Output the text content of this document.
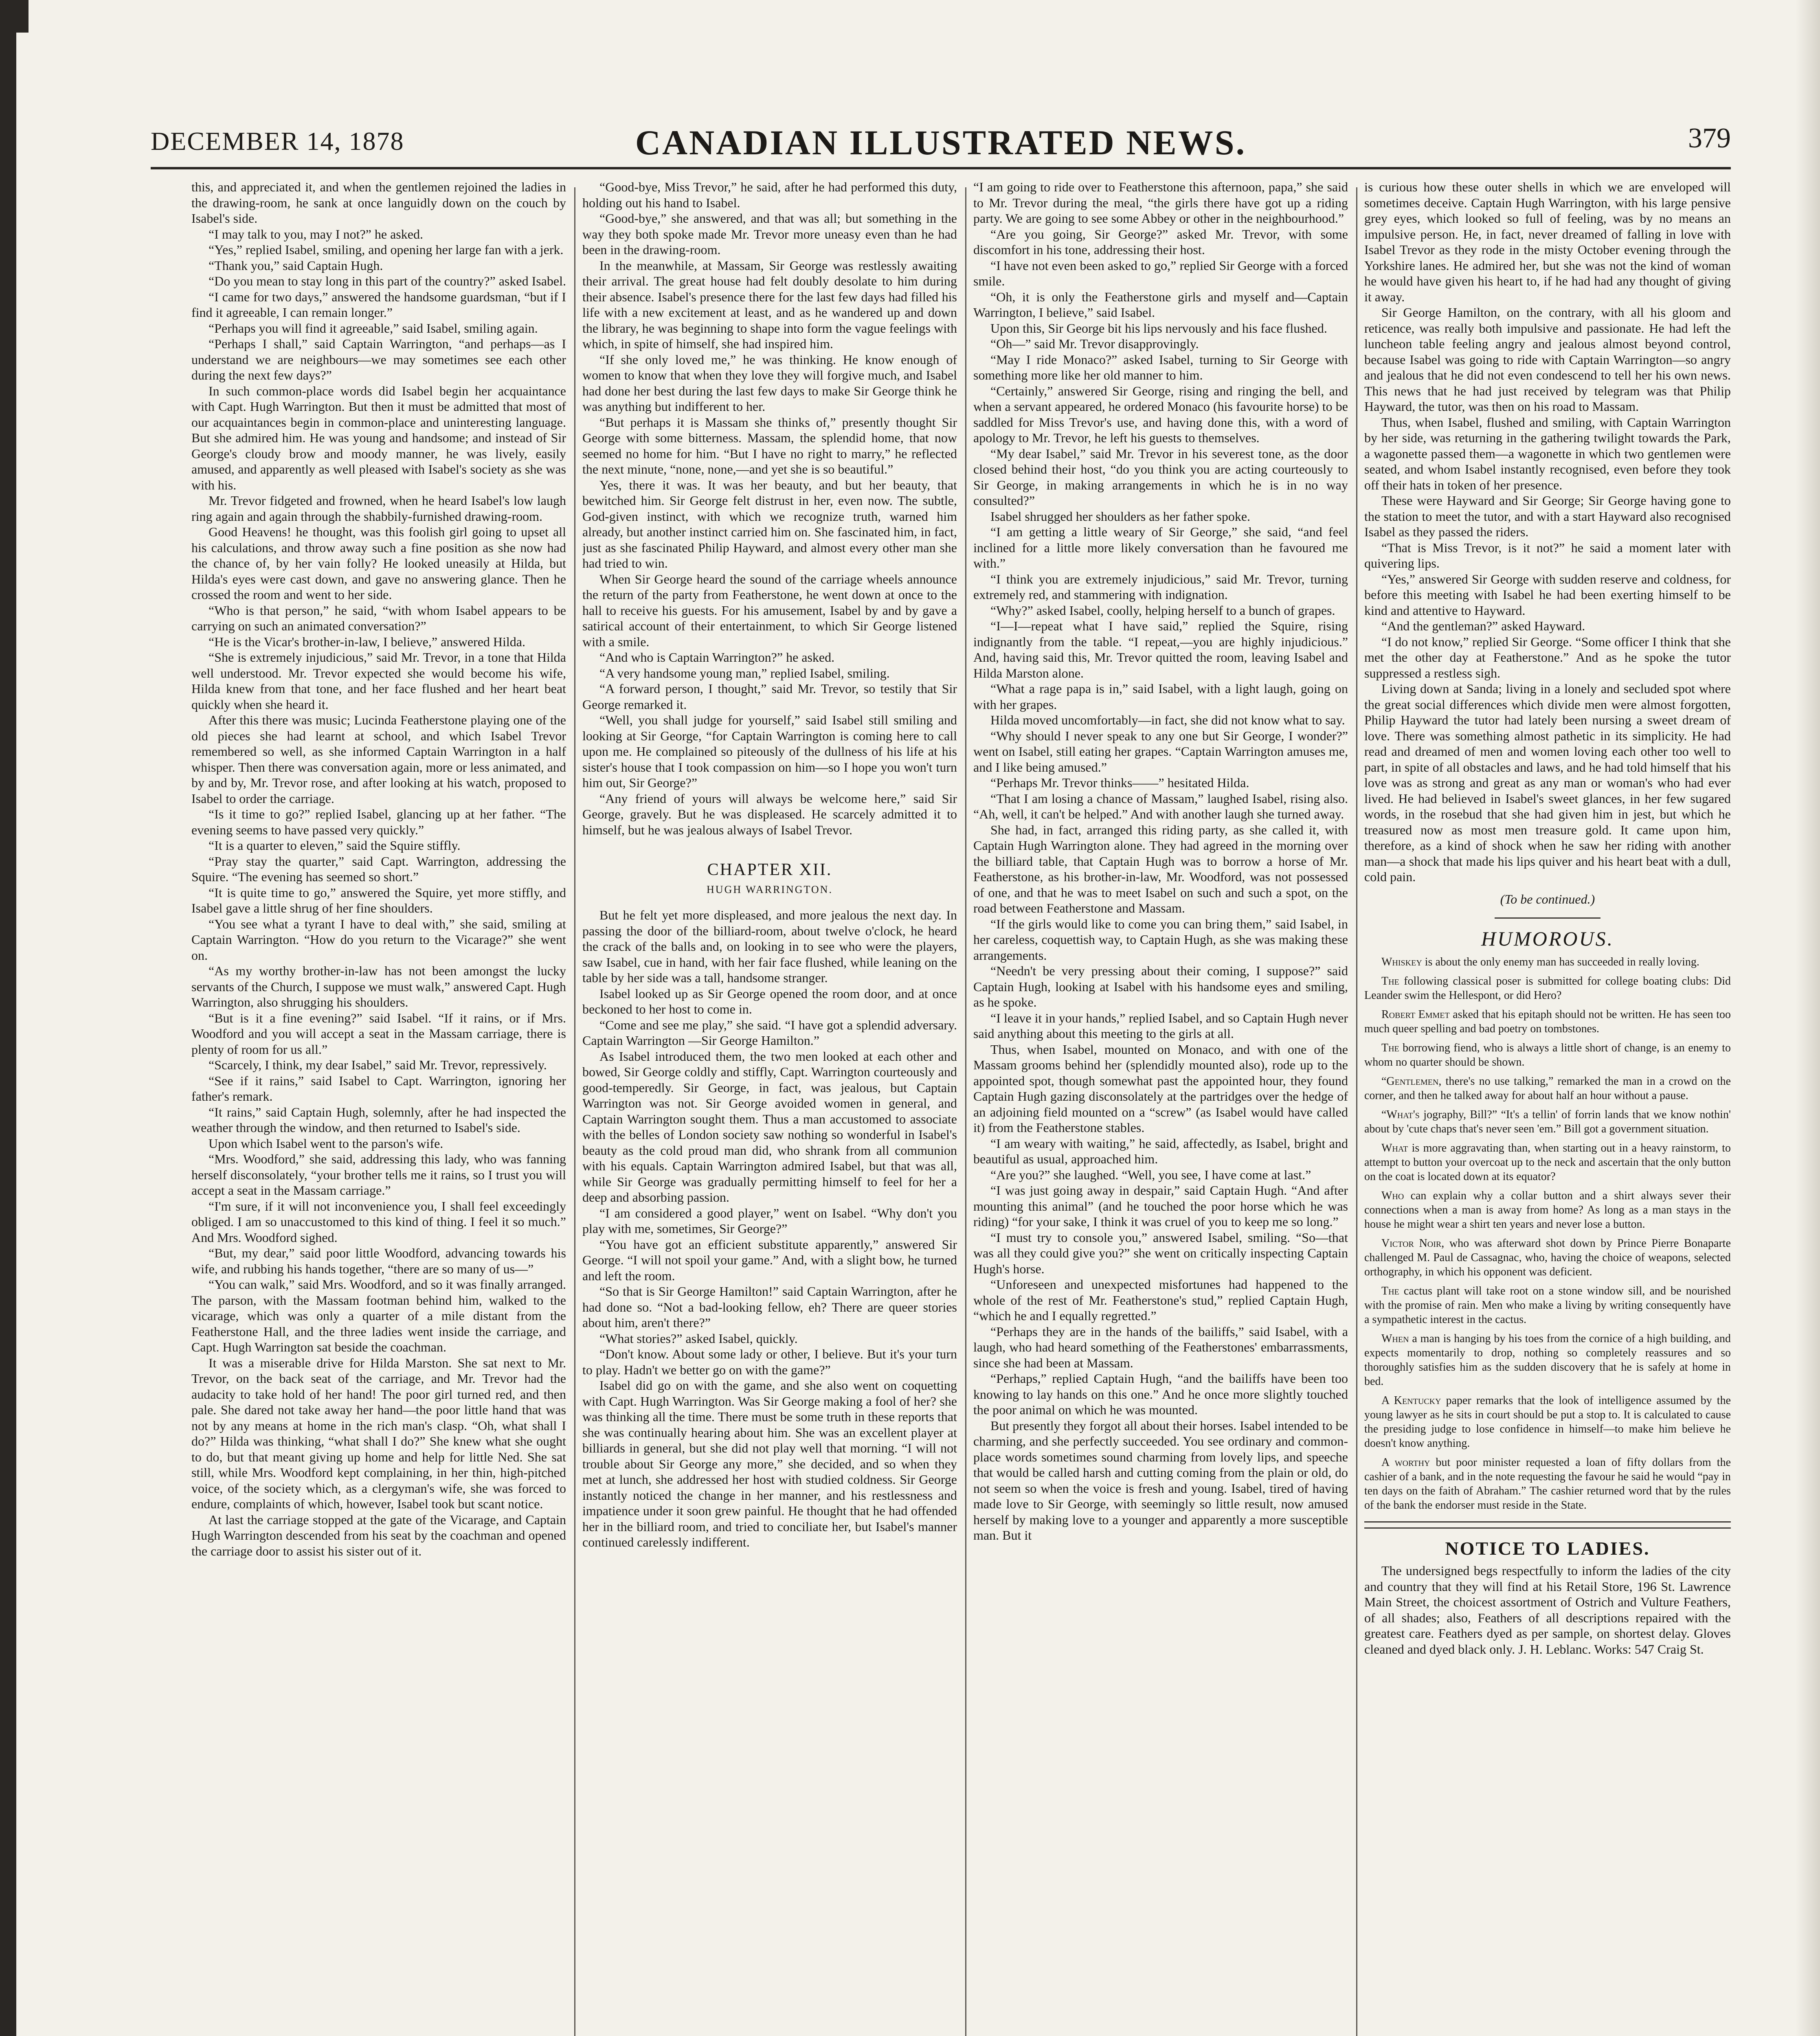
DECEMBER 14, 1878	CANADIAN ILLUSTRATED NEWS.	379

this, and appreciated it, and when the gentlemen rejoined the ladies in the drawing-room, he sank at once languidly down on the couch by Isabel's side.

“I may talk to you, may I not?” he asked.

“Yes,” replied Isabel, smiling, and opening her large fan with a jerk.

“Thank you,” said Captain Hugh.

“Do you mean to stay long in this part of the country?” asked Isabel.

“I came for two days,” answered the handsome guardsman, “but if I find it agreeable, I can remain longer.”

“Perhaps you will find it agreeable,” said Isabel, smiling again.

“Perhaps I shall,” said Captain Warrington, “and perhaps—as I understand we are neighbours—we may sometimes see each other during the next few days?”

In such common-place words did Isabel begin her acquaintance with Capt. Hugh Warrington. But then it must be admitted that most of our acquaintances begin in common-place and uninteresting language. But she admired him. He was young and handsome; and instead of Sir George's cloudy brow and moody manner, he was lively, easily amused, and apparently as well pleased with Isabel's society as she was with his.

Mr. Trevor fidgeted and frowned, when he heard Isabel's low laugh ring again and again through the shabbily-furnished drawing-room.

Good Heavens! he thought, was this foolish girl going to upset all his calculations, and throw away such a fine position as she now had the chance of, by her vain folly? He looked uneasily at Hilda, but Hilda's eyes were cast down, and gave no answering glance. Then he crossed the room and went to her side.

“Who is that person,” he said, “with whom Isabel appears to be carrying on such an animated conversation?”

“He is the Vicar's brother-in-law, I believe,” answered Hilda.

“She is extremely injudicious,” said Mr. Trevor, in a tone that Hilda well understood. Mr. Trevor expected she would become his wife, Hilda knew from that tone, and her face flushed and her heart beat quickly when she heard it.

After this there was music; Lucinda Featherstone playing one of the old pieces she had learnt at school, and which Isabel Trevor remembered so well, as she informed Captain Warrington in a half whisper. Then there was conversation again, more or less animated, and by and by, Mr. Trevor rose, and after looking at his watch, proposed to Isabel to order the carriage.

“Is it time to go?” replied Isabel, glancing up at her father. “The evening seems to have passed very quickly.”

“It is a quarter to eleven,” said the Squire stiffly.

“Pray stay the quarter,” said Capt. Warrington, addressing the Squire. “The evening has seemed so short.”

“It is quite time to go,” answered the Squire, yet more stiffly, and Isabel gave a little shrug of her fine shoulders.

“You see what a tyrant I have to deal with,” she said, smiling at Captain Warrington. “How do you return to the Vicarage?” she went on.

“As my worthy brother-in-law has not been amongst the lucky servants of the Church, I suppose we must walk,” answered Capt. Hugh Warrington, also shrugging his shoulders.

“But is it a fine evening?” said Isabel. “If it rains, or if Mrs. Woodford and you will accept a seat in the Massam carriage, there is plenty of room for us all.”

“Scarcely, I think, my dear Isabel,” said Mr. Trevor, repressively.

“See if it rains,” said Isabel to Capt. Warrington, ignoring her father's remark.

“It rains,” said Captain Hugh, solemnly, after he had inspected the weather through the window, and then returned to Isabel's side.

Upon which Isabel went to the parson's wife.

“Mrs. Woodford,” she said, addressing this lady, who was fanning herself disconsolately, “your brother tells me it rains, so I trust you will accept a seat in the Massam carriage.”

“I'm sure, if it will not inconvenience you, I shall feel exceedingly obliged. I am so unaccustomed to this kind of thing. I feel it so much.” And Mrs. Woodford sighed.

“But, my dear,” said poor little Woodford, advancing towards his wife, and rubbing his hands together, “there are so many of us—”

“You can walk,” said Mrs. Woodford, and so it was finally arranged. The parson, with the Massam footman behind him, walked to the vicarage, which was only a quarter of a mile distant from the Featherstone Hall, and the three ladies went inside the carriage, and Capt. Hugh Warrington sat beside the coachman.

It was a miserable drive for Hilda Marston. She sat next to Mr. Trevor, on the back seat of the carriage, and Mr. Trevor had the audacity to take hold of her hand! The poor girl turned red, and then pale. She dared not take away her hand—the poor little hand that was not by any means at home in the rich man's clasp. “Oh, what shall I do?” Hilda was thinking, “what shall I do?” She knew what she ought to do, but that meant giving up home and help for little Ned. She sat still, while Mrs. Woodford kept complaining, in her thin, high-pitched voice, of the society which, as a clergyman's wife, she was forced to endure, complaints of which, however, Isabel took but scant notice.

At last the carriage stopped at the gate of the Vicarage, and Captain Hugh Warrington descended from his seat by the coachman and opened the carriage door to assist his sister out of it.

“Good-bye, Miss Trevor,” he said, after he had performed this duty, holding out his hand to Isabel.

“Good-bye,” she answered, and that was all; but something in the way they both spoke made Mr. Trevor more uneasy even than he had been in the drawing-room.

In the meanwhile, at Massam, Sir George was restlessly awaiting their arrival. The great house had felt doubly desolate to him during their absence. Isabel's presence there for the last few days had filled his life with a new excitement at least, and as he wandered up and down the library, he was beginning to shape into form the vague feelings with which, in spite of himself, she had inspired him.

“If she only loved me,” he was thinking. He know enough of women to know that when they love they will forgive much, and Isabel had done her best during the last few days to make Sir George think he was anything but indifferent to her.

“But perhaps it is Massam she thinks of,” presently thought Sir George with some bitterness. Massam, the splendid home, that now seemed no home for him. “But I have no right to marry,” he reflected the next minute, “none, none,—and yet she is so beautiful.”

Yes, there it was. It was her beauty, and but her beauty, that bewitched him. Sir George felt distrust in her, even now. The subtle, God-given instinct, with which we recognize truth, warned him already, but another instinct carried him on. She fascinated him, in fact, just as she fascinated Philip Hayward, and almost every other man she had tried to win.

When Sir George heard the sound of the carriage wheels announce the return of the party from Featherstone, he went down at once to the hall to receive his guests. For his amusement, Isabel by and by gave a satirical account of their entertainment, to which Sir George listened with a smile.

“And who is Captain Warrington?” he asked.

“A very handsome young man,” replied Isabel, smiling.

“A forward person, I thought,” said Mr. Trevor, so testily that Sir George remarked it.

“Well, you shall judge for yourself,” said Isabel still smiling and looking at Sir George, “for Captain Warrington is coming here to call upon me. He complained so piteously of the dullness of his life at his sister's house that I took compassion on him—so I hope you won't turn him out, Sir George?”

“Any friend of yours will always be welcome here,” said Sir George, gravely. But he was displeased. He scarcely admitted it to himself, but he was jealous always of Isabel Trevor.

CHAPTER XII.
HUGH WARRINGTON.

But he felt yet more displeased, and more jealous the next day. In passing the door of the billiard-room, about twelve o'clock, he heard the crack of the balls and, on looking in to see who were the players, saw Isabel, cue in hand, with her fair face flushed, while leaning on the table by her side was a tall, handsome stranger.

Isabel looked up as Sir George opened the room door, and at once beckoned to her host to come in.

“Come and see me play,” she said. “I have got a splendid adversary. Captain Warrington —Sir George Hamilton.”

As Isabel introduced them, the two men looked at each other and bowed, Sir George coldly and stiffly, Capt. Warrington courteously and good-temperedly. Sir George, in fact, was jealous, but Captain Warrington was not. Sir George avoided women in general, and Captain Warrington sought them. Thus a man accustomed to associate with the belles of London society saw nothing so wonderful in Isabel's beauty as the cold proud man did, who shrank from all communion with his equals. Captain Warrington admired Isabel, but that was all, while Sir George was gradually permitting himself to feel for her a deep and absorbing passion.

“I am considered a good player,” went on Isabel. “Why don't you play with me, sometimes, Sir George?”

“You have got an efficient substitute apparently,” answered Sir George. “I will not spoil your game.” And, with a slight bow, he turned and left the room.

“So that is Sir George Hamilton!” said Captain Warrington, after he had done so. “Not a bad-looking fellow, eh? There are queer stories about him, aren't there?”

“What stories?” asked Isabel, quickly.

“Don't know. About some lady or other, I believe. But it's your turn to play. Hadn't we better go on with the game?”

Isabel did go on with the game, and she also went on coquetting with Capt. Hugh Warrington. Was Sir George making a fool of her? she was thinking all the time. There must be some truth in these reports that she was continually hearing about him. She was an excellent player at billiards in general, but she did not play well that morning. “I will not trouble about Sir George any more,” she decided, and so when they met at lunch, she addressed her host with studied coldness. Sir George instantly noticed the change in her manner, and his restlessness and impatience under it soon grew painful. He thought that he had offended her in the billiard room, and tried to conciliate her, but Isabel's manner continued carelessly indifferent.

“I am going to ride over to Featherstone this afternoon, papa,” she said to Mr. Trevor during the meal, “the girls there have got up a riding party. We are going to see some Abbey or other in the neighbourhood.”

“Are you going, Sir George?” asked Mr. Trevor, with some discomfort in his tone, addressing their host.

“I have not even been asked to go,” replied Sir George with a forced smile.

“Oh, it is only the Featherstone girls and myself and—Captain Warrington, I believe,” said Isabel.

Upon this, Sir George bit his lips nervously and his face flushed.

“Oh—” said Mr. Trevor disapprovingly.

“May I ride Monaco?” asked Isabel, turning to Sir George with something more like her old manner to him.

“Certainly,” answered Sir George, rising and ringing the bell, and when a servant appeared, he ordered Monaco (his favourite horse) to be saddled for Miss Trevor's use, and having done this, with a word of apology to Mr. Trevor, he left his guests to themselves.

“My dear Isabel,” said Mr. Trevor in his severest tone, as the door closed behind their host, “do you think you are acting courteously to Sir George, in making arrangements in which he is in no way consulted?”

Isabel shrugged her shoulders as her father spoke.

“I am getting a little weary of Sir George,” she said, “and feel inclined for a little more likely conversation than he favoured me with.”

“I think you are extremely injudicious,” said Mr. Trevor, turning extremely red, and stammering with indignation.

“Why?” asked Isabel, coolly, helping herself to a bunch of grapes.

“I—I—repeat what I have said,” replied the Squire, rising indignantly from the table. “I repeat,—you are highly injudicious.” And, having said this, Mr. Trevor quitted the room, leaving Isabel and Hilda Marston alone.

“What a rage papa is in,” said Isabel, with a light laugh, going on with her grapes.

Hilda moved uncomfortably—in fact, she did not know what to say.

“Why should I never speak to any one but Sir George, I wonder?” went on Isabel, still eating her grapes. “Captain Warrington amuses me, and I like being amused.”

“Perhaps Mr. Trevor thinks——” hesitated Hilda.

“That I am losing a chance of Massam,” laughed Isabel, rising also. “Ah, well, it can't be helped.” And with another laugh she turned away.

She had, in fact, arranged this riding party, as she called it, with Captain Hugh Warrington alone. They had agreed in the morning over the billiard table, that Captain Hugh was to borrow a horse of Mr. Featherstone, as his brother-in-law, Mr. Woodford, was not possessed of one, and that he was to meet Isabel on such and such a spot, on the road between Featherstone and Massam.

“If the girls would like to come you can bring them,” said Isabel, in her careless, coquettish way, to Captain Hugh, as she was making these arrangements.

“Needn't be very pressing about their coming, I suppose?” said Captain Hugh, looking at Isabel with his handsome eyes and smiling, as he spoke.

“I leave it in your hands,” replied Isabel, and so Captain Hugh never said anything about this meeting to the girls at all.

Thus, when Isabel, mounted on Monaco, and with one of the Massam grooms behind her (splendidly mounted also), rode up to the appointed spot, though somewhat past the appointed hour, they found Captain Hugh gazing disconsolately at the partridges over the hedge of an adjoining field mounted on a “screw” (as Isabel would have called it) from the Featherstone stables.

“I am weary with waiting,” he said, affectedly, as Isabel, bright and beautiful as usual, approached him.

“Are you?” she laughed. “Well, you see, I have come at last.”

“I was just going away in despair,” said Captain Hugh. “And after mounting this animal” (and he touched the poor horse which he was riding) “for your sake, I think it was cruel of you to keep me so long.”

“I must try to console you,” answered Isabel, smiling. “So—that was all they could give you?” she went on critically inspecting Captain Hugh's horse.

“Unforeseen and unexpected misfortunes had happened to the whole of the rest of Mr. Featherstone's stud,” replied Captain Hugh, “which he and I equally regretted.”

“Perhaps they are in the hands of the bailiffs,” said Isabel, with a laugh, who had heard something of the Featherstones' embarrassments, since she had been at Massam.

“Perhaps,” replied Captain Hugh, “and the bailiffs have been too knowing to lay hands on this one.” And he once more slightly touched the poor animal on which he was mounted.

But presently they forgot all about their horses. Isabel intended to be charming, and she perfectly succeeded. You see ordinary and common-place words sometimes sound charming from lovely lips, and speeche that would be called harsh and cutting coming from the plain or old, do not seem so when the voice is fresh and young. Isabel, tired of having made love to Sir George, with seemingly so little result, now amused herself by making love to a younger and apparently a more susceptible man. But it

is curious how these outer shells in which we are enveloped will sometimes deceive. Captain Hugh Warrington, with his large pensive grey eyes, which looked so full of feeling, was by no means an impulsive person. He, in fact, never dreamed of falling in love with Isabel Trevor as they rode in the misty October evening through the Yorkshire lanes. He admired her, but she was not the kind of woman he would have given his heart to, if he had had any thought of giving it away.

Sir George Hamilton, on the contrary, with all his gloom and reticence, was really both impulsive and passionate. He had left the luncheon table feeling angry and jealous almost beyond control, because Isabel was going to ride with Captain Warrington—so angry and jealous that he did not even condescend to tell her his own news. This news that he had just received by telegram was that Philip Hayward, the tutor, was then on his road to Massam.

Thus, when Isabel, flushed and smiling, with Captain Warrington by her side, was returning in the gathering twilight towards the Park, a wagonette passed them—a wagonette in which two gentlemen were seated, and whom Isabel instantly recognised, even before they took off their hats in token of her presence.

These were Hayward and Sir George; Sir George having gone to the station to meet the tutor, and with a start Hayward also recognised Isabel as they passed the riders.

“That is Miss Trevor, is it not?” he said a moment later with quivering lips.

“Yes,” answered Sir George with sudden reserve and coldness, for before this meeting with Isabel he had been exerting himself to be kind and attentive to Hayward.

“And the gentleman?” asked Hayward.

“I do not know,” replied Sir George. “Some officer I think that she met the other day at Featherstone.” And as he spoke the tutor suppressed a restless sigh.

Living down at Sanda; living in a lonely and secluded spot where the great social differences which divide men were almost forgotten, Philip Hayward the tutor had lately been nursing a sweet dream of love. There was something almost pathetic in its simplicity. He had read and dreamed of men and women loving each other too well to part, in spite of all obstacles and laws, and he had told himself that his love was as strong and great as any man or woman's who had ever lived. He had believed in Isabel's sweet glances, in her few sugared words, in the rosebud that she had given him in jest, but which he treasured now as most men treasure gold. It came upon him, therefore, as a kind of shock when he saw her riding with another man—a shock that made his lips quiver and his heart beat with a dull, cold pain.

(To be continued.)
HUMOROUS.

Whiskey is about the only enemy man has succeeded in really loving.

The following classical poser is submitted for college boating clubs: Did Leander swim the Hellespont, or did Hero?

Robert Emmet asked that his epitaph should not be written. He has seen too much queer spelling and bad poetry on tombstones.

The borrowing fiend, who is always a little short of change, is an enemy to whom no quarter should be shown.

“Gentlemen, there's no use talking,” remarked the man in a crowd on the corner, and then he talked away for about half an hour without a pause.

“What's jography, Bill?” “It's a tellin' of forrin lands that we know nothin' about by 'cute chaps that's never seen 'em.” Bill got a government situation.

What is more aggravating than, when starting out in a heavy rainstorm, to attempt to button your overcoat up to the neck and ascertain that the only button on the coat is located down at its equator?

Who can explain why a collar button and a shirt always sever their connections when a man is away from home? As long as a man stays in the house he might wear a shirt ten years and never lose a button.

Victor Noir, who was afterward shot down by Prince Pierre Bonaparte challenged M. Paul de Cassagnac, who, having the choice of weapons, selected orthography, in which his opponent was deficient.

The cactus plant will take root on a stone window sill, and be nourished with the promise of rain. Men who make a living by writing consequently have a sympathetic interest in the cactus.

When a man is hanging by his toes from the cornice of a high building, and expects momentarily to drop, nothing so completely reassures and so thoroughly satisfies him as the sudden discovery that he is safely at home in bed.

A Kentucky paper remarks that the look of intelligence assumed by the young lawyer as he sits in court should be put a stop to. It is calculated to cause the presiding judge to lose confidence in himself—to make him believe he doesn't know anything.

A worthy but poor minister requested a loan of fifty dollars from the cashier of a bank, and in the note requesting the favour he said he would “pay in ten days on the faith of Abraham.” The cashier returned word that by the rules of the bank the endorser must reside in the State.

NOTICE TO LADIES.

The undersigned begs respectfully to inform the ladies of the city and country that they will find at his Retail Store, 196 St. Lawrence Main Street, the choicest assortment of Ostrich and Vulture Feathers, of all shades; also, Feathers of all descriptions repaired with the greatest care. Feathers dyed as per sample, on shortest delay. Gloves cleaned and dyed black only. J. H. Leblanc. Works: 547 Craig St.
